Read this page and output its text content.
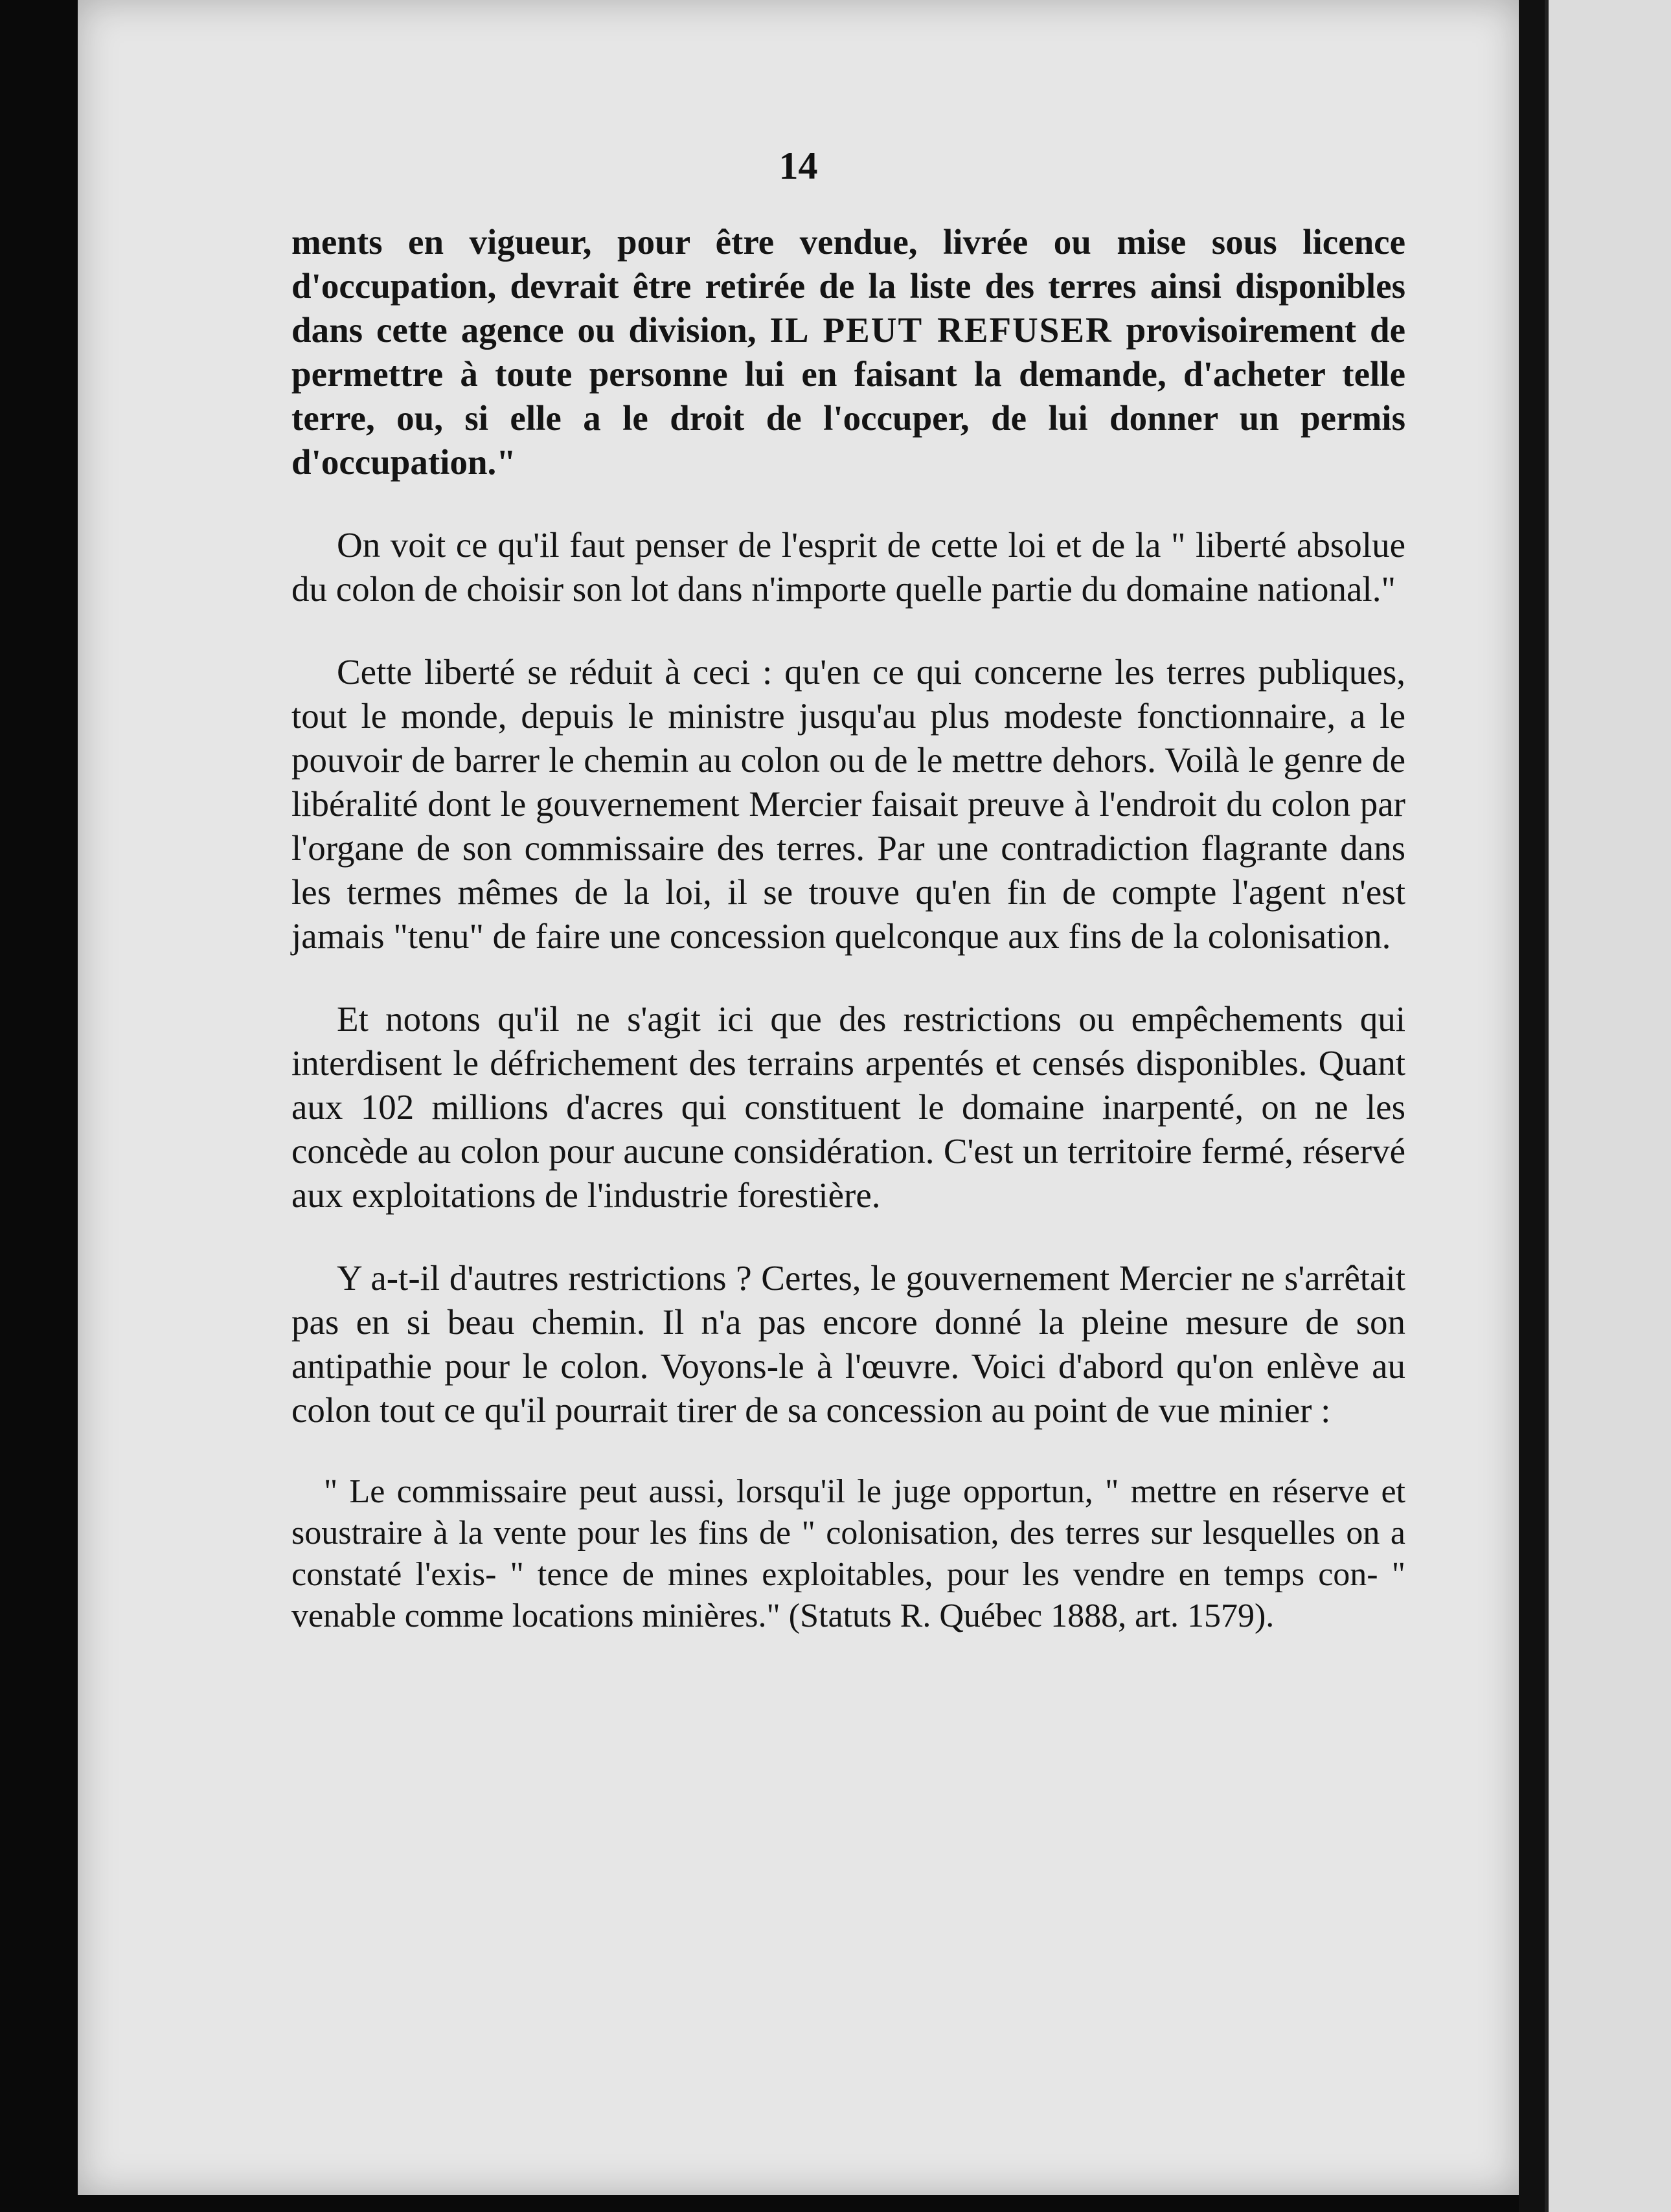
14

ments en vigueur, pour être vendue, livrée ou mise sous licence d'occupation, devrait être retirée de la liste des terres ainsi disponibles dans cette agence ou division, IL PEUT REFUSER provisoirement de permettre à toute personne lui en faisant la demande, d'acheter telle terre, ou, si elle a le droit de l'occuper, de lui donner un permis d'occupation."

On voit ce qu'il faut penser de l'esprit de cette loi et de la " liberté absolue du colon de choisir son lot dans n'importe quelle partie du domaine national."

Cette liberté se réduit à ceci : qu'en ce qui concerne les terres publiques, tout le monde, depuis le ministre jusqu'au plus modeste fonctionnaire, a le pouvoir de barrer le chemin au colon ou de le mettre dehors. Voilà le genre de libéralité dont le gouvernement Mercier faisait preuve à l'endroit du colon par l'organe de son commissaire des terres. Par une contradiction flagrante dans les termes mêmes de la loi, il se trouve qu'en fin de compte l'agent n'est jamais "tenu" de faire une concession quelconque aux fins de la colonisation.

Et notons qu'il ne s'agit ici que des restrictions ou empêchements qui interdisent le défrichement des terrains arpentés et censés disponibles. Quant aux 102 millions d'acres qui constituent le domaine inarpenté, on ne les concède au colon pour aucune considération. C'est un territoire fermé, réservé aux exploitations de l'industrie forestière.

Y a-t-il d'autres restrictions ? Certes, le gouvernement Mercier ne s'arrêtait pas en si beau chemin. Il n'a pas encore donné la pleine mesure de son antipathie pour le colon. Voyons-le à l'œuvre. Voici d'abord qu'on enlève au colon tout ce qu'il pourrait tirer de sa concession au point de vue minier :

" Le commissaire peut aussi, lorsqu'il le juge opportun, " mettre en réserve et soustraire à la vente pour les fins de " colonisation, des terres sur lesquelles on a constaté l'exis- " tence de mines exploitables, pour les vendre en temps con- " venable comme locations minières." (Statuts R. Québec 1888, art. 1579).
